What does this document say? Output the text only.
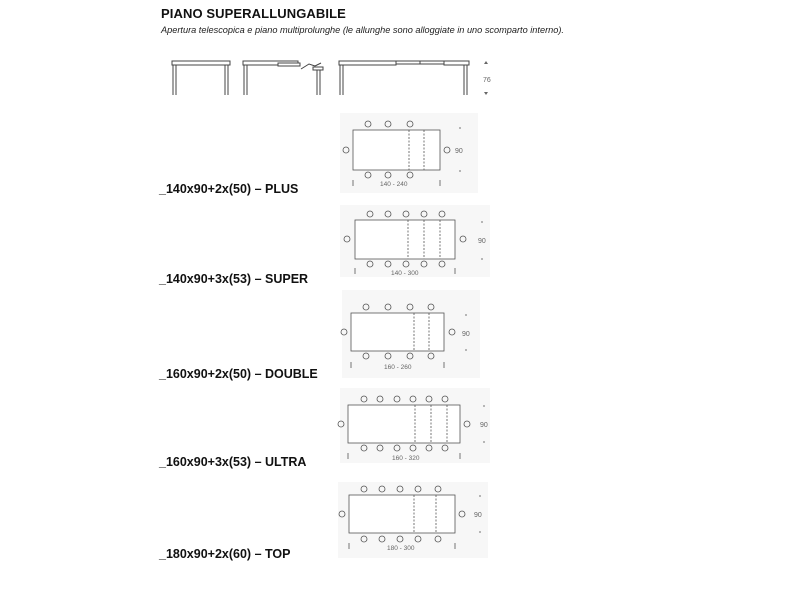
PIANO SUPERALLUNGABILE
Apertura telescopica e piano multiprolunghe (le allunghe sono alloggiate in uno scomparto interno).
76
_140x90+2x(50) – PLUS
_140x90+3x(53) – SUPER
_160x90+2x(50) – DOUBLE
_160x90+3x(53) – ULTRA
_180x90+2x(60) – TOP
140 - 240
90
140 - 300
90
160 - 260
90
160 - 320
90
180 - 300
90
